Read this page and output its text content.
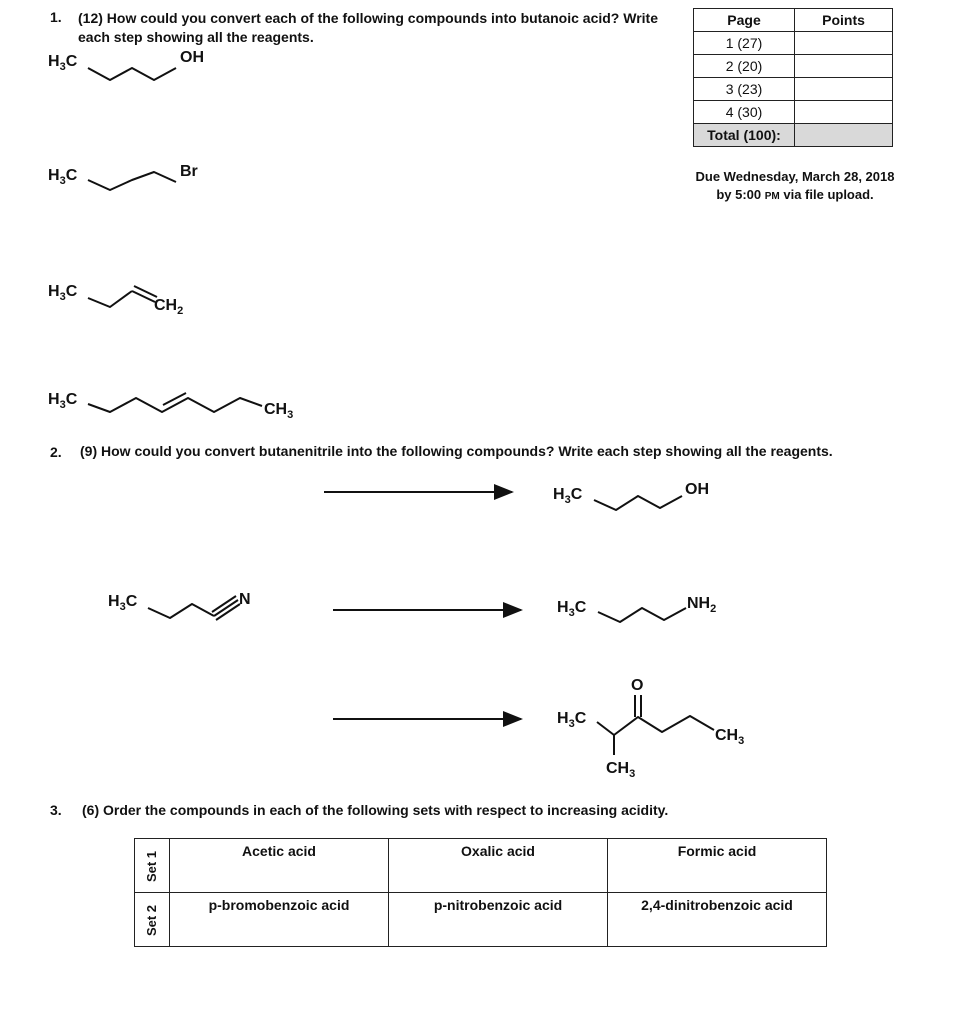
1. (12) How could you convert each of the following compounds into butanoic acid? Write
each step showing all the reagents.
Page	Points
1 (27)	
2 (20)	
3 (23)	
4 (30)	
Total (100):	
Due Wednesday, March 28, 2018
by 5:00 PM via file upload.
2. (9) How could you convert butanenitrile into the following compounds? Write each step showing all the reagents.
3. (6) Order the compounds in each of the following sets with respect to increasing acidity.
$H_3C$	OH
$H_3C$	Br
$H_3C$
$CH_2$
$H_3C$
$CH_3$
$H_3C$	N
$H_3C$	OH
$H_3C$	$NH_2$
$H_3C$
O
$CH_3$
$CH_3$
Set 1	Acetic acid	Oxalic acid	Formic acid
Set 2	p-bromobenzoic acid	p-nitrobenzoic acid	2,4-dinitrobenzoic acid
